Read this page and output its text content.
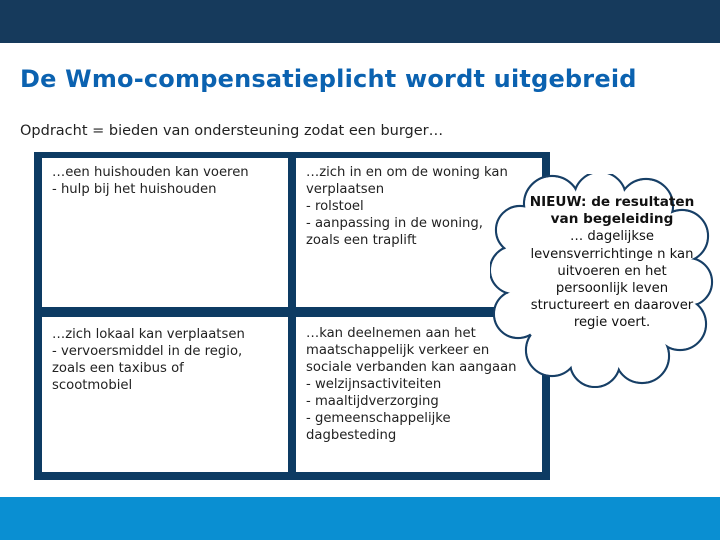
De Wmo-compensatieplicht wordt uitgebreid
Opdracht = bieden van ondersteuning zodat een burger…
…een huishouden kan voeren
- hulp bij het huishouden
…zich in en om de woning kan
verplaatsen
- rolstoel
- aanpassing in de woning,
zoals een traplift
…zich lokaal kan verplaatsen
- vervoersmiddel in de regio,
zoals een taxibus of
scootmobiel
…kan deelnemen aan het
maatschappelijk verkeer en
sociale verbanden kan aangaan
- welzijnsactiviteiten
- maaltijdverzorging
- gemeenschappelijke
dagbesteding
NIEUW: de resultaten van begeleiding
… dagelijkse levensverrichtinge n kan uitvoeren en het persoonlijk leven structureert en daarover regie voert.
